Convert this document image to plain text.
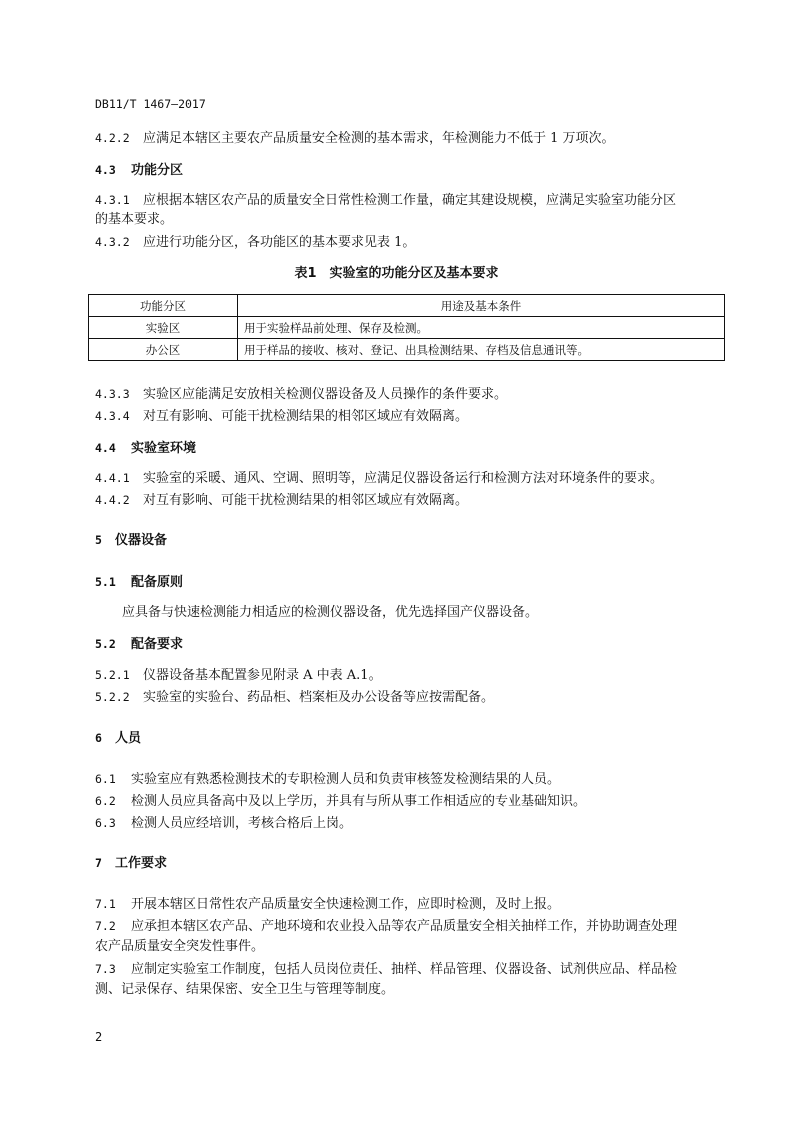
DB11/T 1467—2017
4.2.2 应满足本辖区主要农产品质量安全检测的基本需求，年检测能力不低于 1 万项次。
4.3 功能分区
4.3.1 应根据本辖区农产品的质量安全日常性检测工作量，确定其建设规模，应满足实验室功能分区
的基本要求。
4.3.2 应进行功能分区，各功能区的基本要求见表 1。
表1　实验室的功能分区及基本要求
功能分区	用途及基本条件
实验区	用于实验样品前处理、保存及检测。
办公区	用于样品的接收、核对、登记、出具检测结果、存档及信息通讯等。
4.3.3 实验区应能满足安放相关检测仪器设备及人员操作的条件要求。
4.3.4 对互有影响、可能干扰检测结果的相邻区域应有效隔离。
4.4 实验室环境
4.4.1 实验室的采暖、通风、空调、照明等，应满足仪器设备运行和检测方法对环境条件的要求。
4.4.2 对互有影响、可能干扰检测结果的相邻区域应有效隔离。
5 仪器设备
5.1 配备原则
应具备与快速检测能力相适应的检测仪器设备，优先选择国产仪器设备。
5.2 配备要求
5.2.1 仪器设备基本配置参见附录 A 中表 A.1。
5.2.2 实验室的实验台、药品柜、档案柜及办公设备等应按需配备。
6 人员
6.1 实验室应有熟悉检测技术的专职检测人员和负责审核签发检测结果的人员。
6.2 检测人员应具备高中及以上学历，并具有与所从事工作相适应的专业基础知识。
6.3 检测人员应经培训，考核合格后上岗。
7 工作要求
7.1 开展本辖区日常性农产品质量安全快速检测工作，应即时检测，及时上报。
7.2 应承担本辖区农产品、产地环境和农业投入品等农产品质量安全相关抽样工作，并协助调查处理
农产品质量安全突发性事件。
7.3 应制定实验室工作制度，包括人员岗位责任、抽样、样品管理、仪器设备、试剂供应品、样品检
测、记录保存、结果保密、安全卫生与管理等制度。
2
